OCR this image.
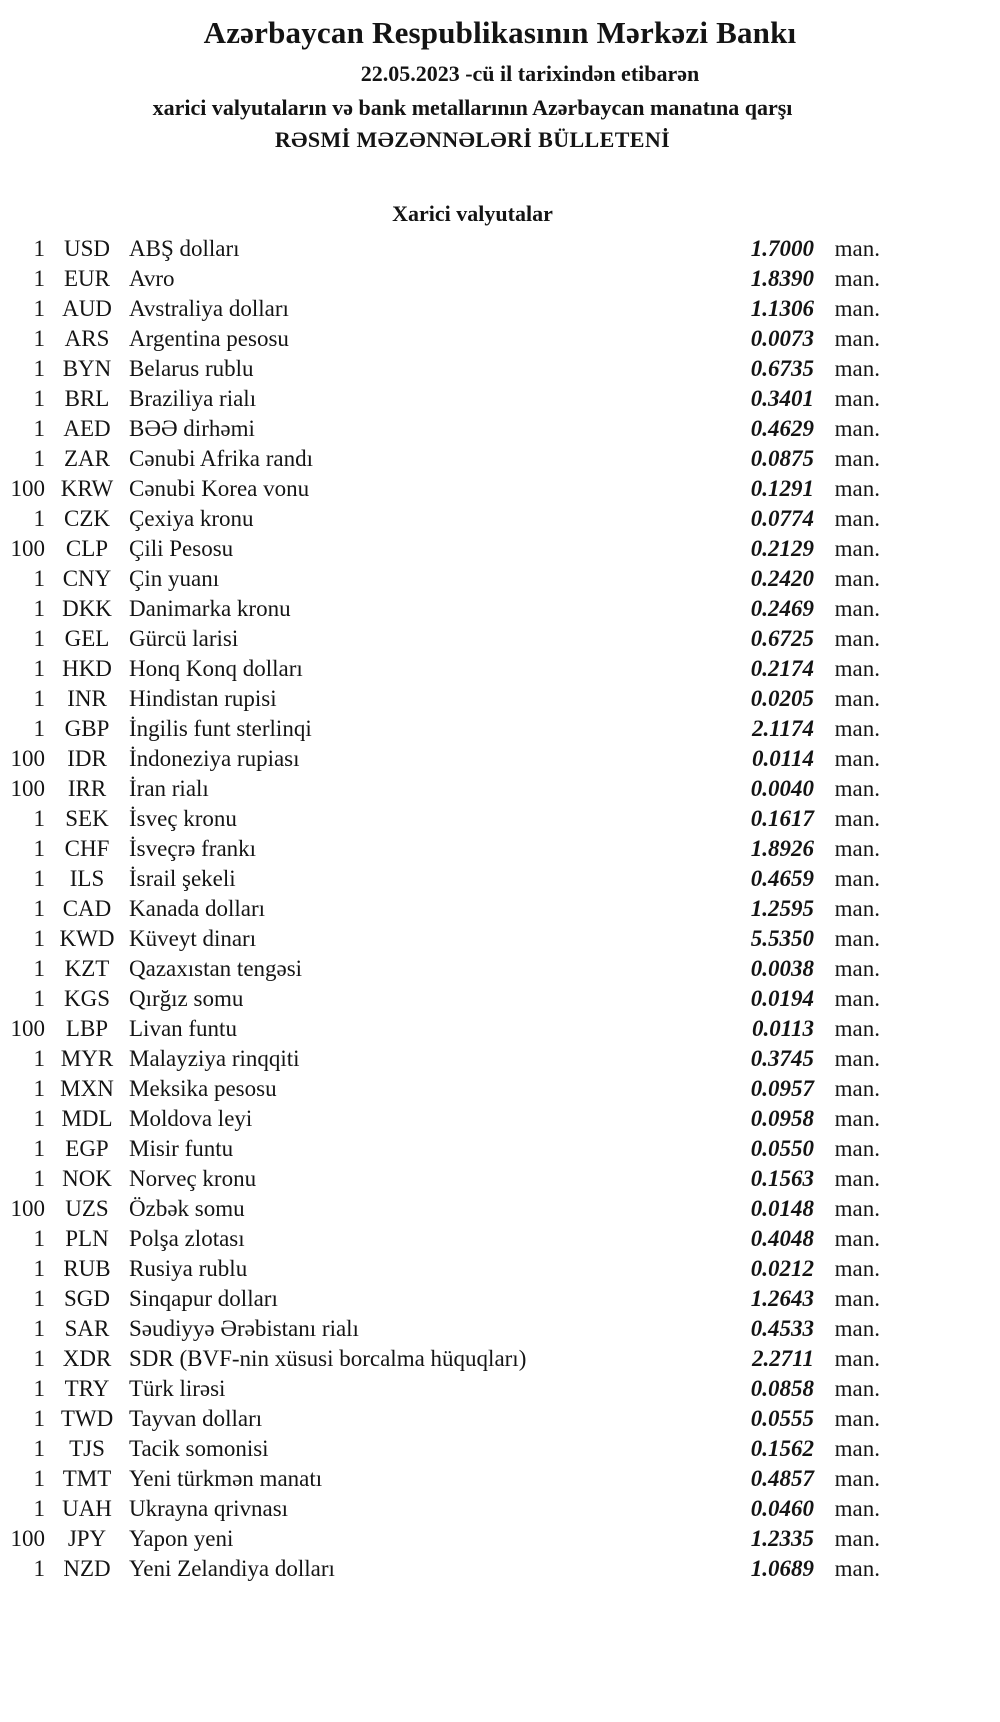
Azərbaycan Respublikasının Mərkəzi Bankı
22.05.2023 -cü il tarixindən etibarən
xarici valyutaların və bank metallarının Azərbaycan manatına qarşı
RƏSMİ MƏZƏNNƏLƏRİ BÜLLETENİ
Xarici valyutalar
1	USD	ABŞ dolları	1.7000	man.
1	EUR	Avro	1.8390	man.
1	AUD	Avstraliya dolları	1.1306	man.
1	ARS	Argentina pesosu	0.0073	man.
1	BYN	Belarus rublu	0.6735	man.
1	BRL	Braziliya rialı	0.3401	man.
1	AED	BƏƏ dirhəmi	0.4629	man.
1	ZAR	Cənubi Afrika randı	0.0875	man.
100	KRW	Cənubi Korea vonu	0.1291	man.
1	CZK	Çexiya kronu	0.0774	man.
100	CLP	Çili Pesosu	0.2129	man.
1	CNY	Çin yuanı	0.2420	man.
1	DKK	Danimarka kronu	0.2469	man.
1	GEL	Gürcü larisi	0.6725	man.
1	HKD	Honq Konq dolları	0.2174	man.
1	INR	Hindistan rupisi	0.0205	man.
1	GBP	İngilis funt sterlinqi	2.1174	man.
100	IDR	İndoneziya rupiası	0.0114	man.
100	IRR	İran rialı	0.0040	man.
1	SEK	İsveç kronu	0.1617	man.
1	CHF	İsveçrə frankı	1.8926	man.
1	ILS	İsrail şekeli	0.4659	man.
1	CAD	Kanada dolları	1.2595	man.
1	KWD	Küveyt dinarı	5.5350	man.
1	KZT	Qazaxıstan tengəsi	0.0038	man.
1	KGS	Qırğız somu	0.0194	man.
100	LBP	Livan funtu	0.0113	man.
1	MYR	Malayziya rinqqiti	0.3745	man.
1	MXN	Meksika pesosu	0.0957	man.
1	MDL	Moldova leyi	0.0958	man.
1	EGP	Misir funtu	0.0550	man.
1	NOK	Norveç kronu	0.1563	man.
100	UZS	Özbək somu	0.0148	man.
1	PLN	Polşa zlotası	0.4048	man.
1	RUB	Rusiya rublu	0.0212	man.
1	SGD	Sinqapur dolları	1.2643	man.
1	SAR	Səudiyyə Ərəbistanı rialı	0.4533	man.
1	XDR	SDR (BVF-nin xüsusi borcalma hüquqları)	2.2711	man.
1	TRY	Türk lirəsi	0.0858	man.
1	TWD	Tayvan dolları	0.0555	man.
1	TJS	Tacik somonisi	0.1562	man.
1	TMT	Yeni türkmən manatı	0.4857	man.
1	UAH	Ukrayna qrivnası	0.0460	man.
100	JPY	Yapon yeni	1.2335	man.
1	NZD	Yeni Zelandiya dolları	1.0689	man.
